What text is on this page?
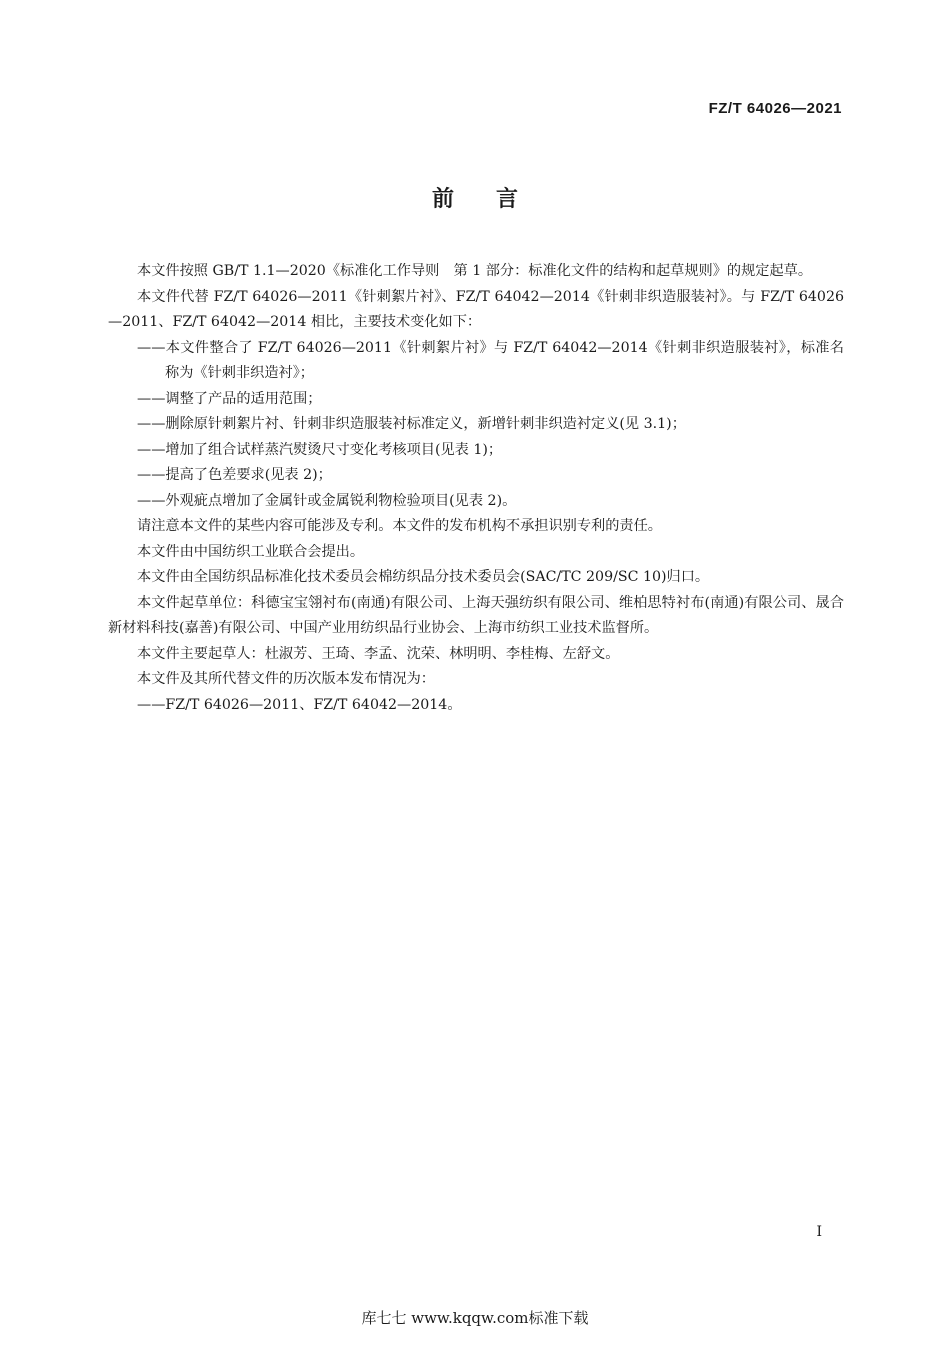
FZ/T 64026—2021
前 言

本文件按照 GB/T 1.1—2020《标准化工作导则　第 1 部分：标准化文件的结构和起草规则》的规定起草。

本文件代替 FZ/T 64026—2011《针刺絮片衬》、FZ/T 64042—2014《针刺非织造服装衬》。与 FZ/T 64026—2011、FZ/T 64042—2014 相比，主要技术变化如下：

——本文件整合了 FZ/T 64026—2011《针刺絮片衬》与 FZ/T 64042—2014《针刺非织造服装衬》，标准名称为《针刺非织造衬》；

——调整了产品的适用范围；

——删除原针刺絮片衬、针刺非织造服装衬标准定义，新增针刺非织造衬定义(见 3.1)；

——增加了组合试样蒸汽熨烫尺寸变化考核项目(见表 1)；

——提高了色差要求(见表 2)；

——外观疵点增加了金属针或金属锐利物检验项目(见表 2)。

请注意本文件的某些内容可能涉及专利。本文件的发布机构不承担识别专利的责任。

本文件由中国纺织工业联合会提出。

本文件由全国纺织品标准化技术委员会棉纺织品分技术委员会(SAC/TC 209/SC 10)归口。

本文件起草单位：科德宝宝翎衬布(南通)有限公司、上海天强纺织有限公司、维柏思特衬布(南通)有限公司、晟合新材料科技(嘉善)有限公司、中国产业用纺织品行业协会、上海市纺织工业技术监督所。

本文件主要起草人：杜淑芳、王琦、李孟、沈荣、林明明、李桂梅、左舒文。

本文件及其所代替文件的历次版本发布情况为：

——FZ/T 64026—2011、FZ/T 64042—2014。

I
库七七 www.kqqw.com标准下载
